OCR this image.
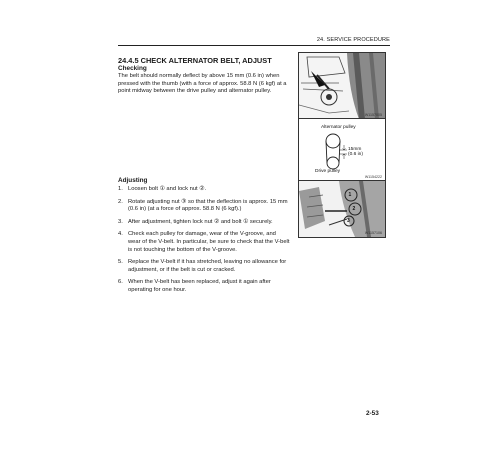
24. SERVICE PROCEDURE
24.4.5 CHECK ALTERNATOR BELT, ADJUST
Checking
The belt should normally deflect by above 15 mm (0.6 in) when pressed with the thumb (with a force of approx. 58.8 N (6 kgf) at a point midway between the drive pulley and alternator pulley.
Adjusting
1. Loosen bolt ① and lock nut ②.
2. Rotate adjusting nut ③ so that the deflection is approx. 15 mm (0.6 in) (at a force of approx. 58.8 N (6 kgf).)
3. After adjustment, tighten lock nut ② and bolt ① securely.
4. Check each pulley for damage, wear of the V-groove, and wear of the V-belt. In particular, be sure to check that the V-belt is not touching the bottom of the V-groove.
5. Replace the V-belt if it has stretched, leaving no allowance for adjustment, or if the belt is cut or cracked.
6. When the V-belt has been replaced, adjust it again after operating for one hour.
W1157005
Alternator pulley
15mm
(0.6 in)
Drive pulley
W1154222
1
2
3
W1157106
2-53
